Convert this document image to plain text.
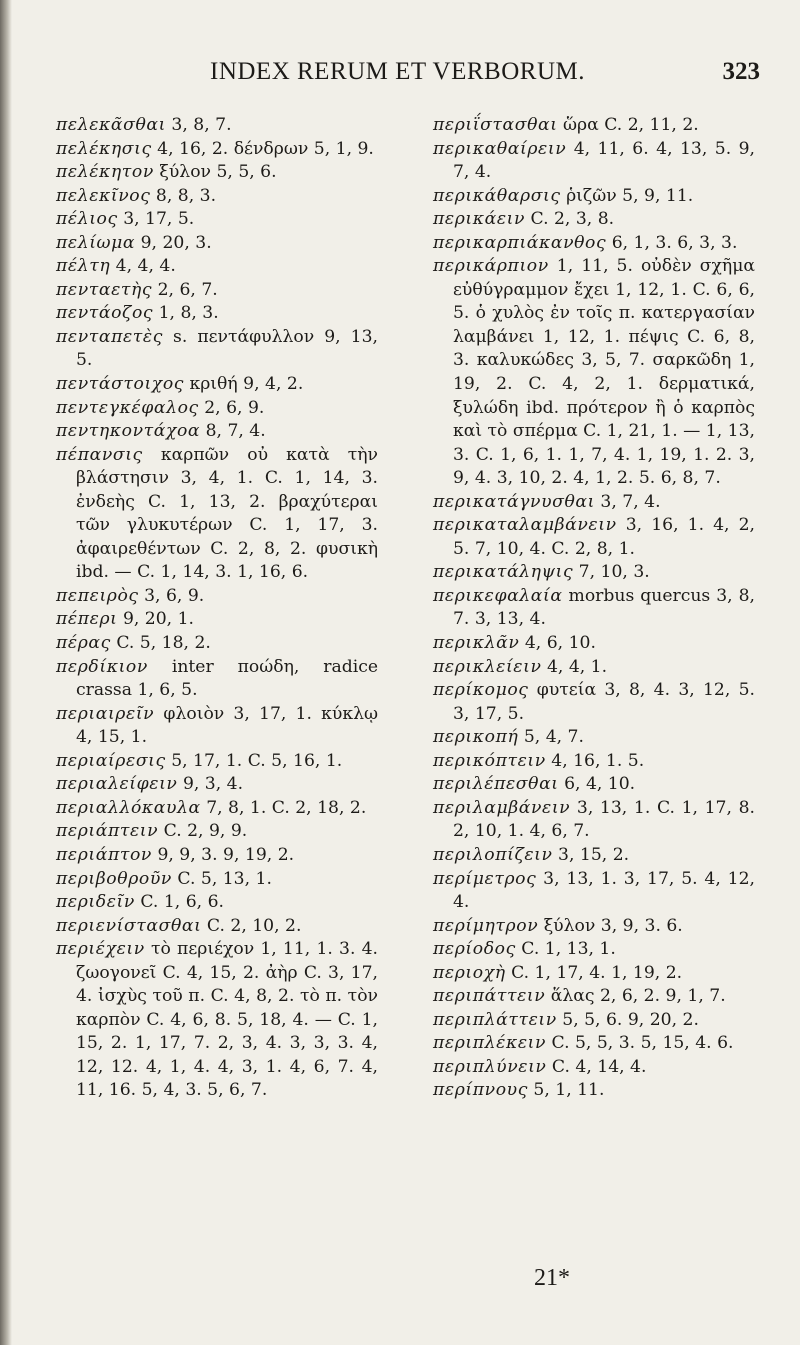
INDEX RERUM ET VERBORUM.	323
πελεκᾶσθαι 3, 8, 7.
πελέκησις 4, 16, 2. δένδρων 5, 1, 9.
πελέκητον ξύλον 5, 5, 6.
πελεκῖνος 8, 8, 3.
πέλιος 3, 17, 5.
πελίωμα 9, 20, 3.
πέλτη 4, 4, 4.
πενταετὴς 2, 6, 7.
πεντάοζος 1, 8, 3.
πενταπετὲς s. πεντάφυλλον 9, 13, 5.
πεντάστοιχος κριθή 9, 4, 2.
πεντεγκέφαλος 2, 6, 9.
πεντηκοντάχοα 8, 7, 4.
πέπανσις καρπῶν οὐ κατὰ τὴν βλάστησιν 3, 4, 1. C. 1, 14, 3. ἐνδεὴς C. 1, 13, 2. βραχύτεραι τῶν γλυκυτέρων C. 1, 17, 3. ἀφαιρεθέντων C. 2, 8, 2. φυσικὴ ibd. — C. 1, 14, 3. 1, 16, 6.
πεπειρὸς 3, 6, 9.
πέπερι 9, 20, 1.
πέρας C. 5, 18, 2.
περδίκιον inter ποώδη, radice crassa 1, 6, 5.
περιαιρεῖν φλοιὸν 3, 17, 1. κύκλῳ 4, 15, 1.
περιαίρεσις 5, 17, 1. C. 5, 16, 1.
περιαλείφειν 9, 3, 4.
περιαλλόκαυλα 7, 8, 1. C. 2, 18, 2.
περιάπτειν C. 2, 9, 9.
περιάπτον 9, 9, 3. 9, 19, 2.
περιβοθροῦν C. 5, 13, 1.
περιδεῖν C. 1, 6, 6.
περιενίστασθαι C. 2, 10, 2.
περιέχειν τὸ περιέχον 1, 11, 1. 3. 4. ζωογονεῖ C. 4, 15, 2. ἀὴρ C. 3, 17, 4. ἰσχὺς τοῦ π. C. 4, 8, 2. τὸ π. τὸν καρπὸν C. 4, 6, 8. 5, 18, 4. — C. 1, 15, 2. 1, 17, 7. 2, 3, 4. 3, 3, 3. 4, 12, 12. 4, 1, 4. 4, 3, 1. 4, 6, 7. 4, 11, 16. 5, 4, 3. 5, 6, 7.
περιΐστασθαι ὥρα C. 2, 11, 2.
περικαθαίρειν 4, 11, 6. 4, 13, 5. 9, 7, 4.
περικάθαρσις ῥιζῶν 5, 9, 11.
περικάειν C. 2, 3, 8.
περικαρπιάκανθος 6, 1, 3. 6, 3, 3.
περικάρπιον 1, 11, 5. οὐδὲν σχῆμα εὐθύγραμμον ἔχει 1, 12, 1. C. 6, 6, 5. ὁ χυλὸς ἐν τοῖς π. κατεργασίαν λαμβάνει 1, 12, 1. πέψις C. 6, 8, 3. καλυκώδες 3, 5, 7. σαρκῶδη 1, 19, 2. C. 4, 2, 1. δερματικά, ξυλώδη ibd. πρότερον ἢ ὁ καρπὸς καὶ τὸ σπέρμα C. 1, 21, 1. — 1, 13, 3. C. 1, 6, 1. 1, 7, 4. 1, 19, 1. 2. 3, 9, 4. 3, 10, 2. 4, 1, 2. 5. 6, 8, 7.
περικατάγνυσθαι 3, 7, 4.
περικαταλαμβάνειν 3, 16, 1. 4, 2, 5. 7, 10, 4. C. 2, 8, 1.
περικατάληψις 7, 10, 3.
περικεφαλαία morbus quercus 3, 8, 7. 3, 13, 4.
περικλᾶν 4, 6, 10.
περικλείειν 4, 4, 1.
περίκομος φυτεία 3, 8, 4. 3, 12, 5. 3, 17, 5.
περικοπή 5, 4, 7.
περικόπτειν 4, 16, 1. 5.
περιλέπεσθαι 6, 4, 10.
περιλαμβάνειν 3, 13, 1. C. 1, 17, 8. 2, 10, 1. 4, 6, 7.
περιλοπίζειν 3, 15, 2.
περίμετρος 3, 13, 1. 3, 17, 5. 4, 12, 4.
περίμητρον ξύλον 3, 9, 3. 6.
περίοδος C. 1, 13, 1.
περιοχὴ C. 1, 17, 4. 1, 19, 2.
περιπάττειν ἅλας 2, 6, 2. 9, 1, 7.
περιπλάττειν 5, 5, 6. 9, 20, 2.
περιπλέκειν C. 5, 5, 3. 5, 15, 4. 6.
περιπλύνειν C. 4, 14, 4.
περίπνους 5, 1, 11.
21*
